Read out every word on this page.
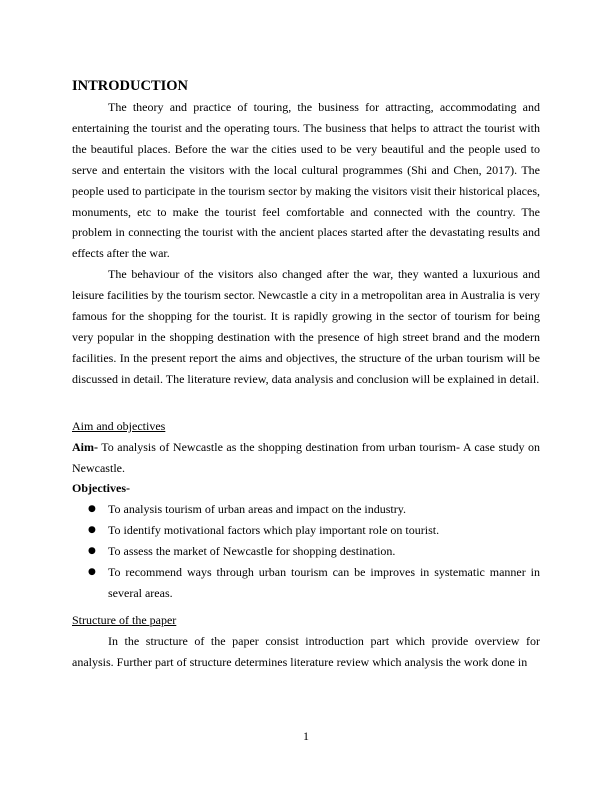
INTRODUCTION

The theory and practice of touring, the business for attracting, accommodating and entertaining the tourist and the operating tours. The business that helps to attract the tourist with the beautiful places. Before the war the cities used to be very beautiful and the people used to serve and entertain the visitors with the local cultural programmes (Shi and Chen, 2017). The people used to participate in the tourism sector by making the visitors visit their historical places, monuments, etc to make the tourist feel comfortable and connected with the country. The problem in connecting the tourist with the ancient places started after the devastating results and effects after the war.

The behaviour of the visitors also changed after the war, they wanted a luxurious and leisure facilities by the tourism sector. Newcastle a city in a metropolitan area in Australia is very famous for the shopping for the tourist. It is rapidly growing in the sector of tourism for being very popular in the shopping destination with the presence of high street brand and the modern facilities. In the present report the aims and objectives, the structure of the urban tourism will be discussed in detail. The literature review, data analysis and conclusion will be explained in detail.

Aim and objectives

Aim- To analysis of Newcastle as the shopping destination from urban tourism- A case study on Newcastle.

Objectives-

● To analysis tourism of urban areas and impact on the industry.
● To identify motivational factors which play important role on tourist.
● To assess the market of Newcastle for shopping destination.
● To recommend ways through urban tourism can be improves in systematic manner in several areas.

Structure of the paper

In the structure of the paper consist introduction part which provide overview for analysis. Further part of structure determines literature review which analysis the work done in

1
